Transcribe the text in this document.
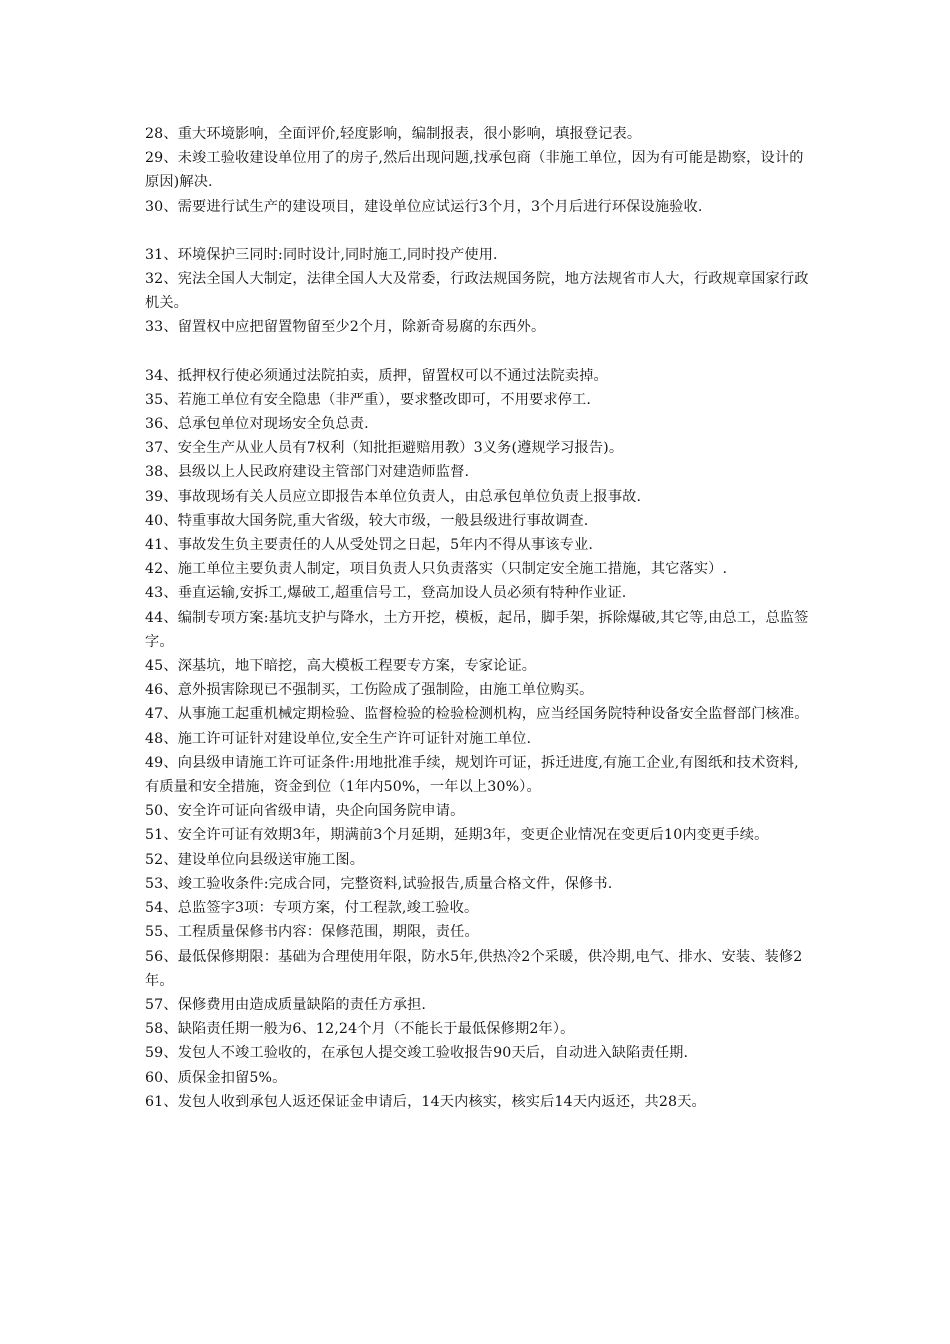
28、重大环境影响，全面评价,轻度影响，编制报表，很小影响，填报登记表。

29、未竣工验收建设单位用了的房子,然后出现问题,找承包商（非施工单位，因为有可能是勘察，设计的原因)解决.

30、需要进行试生产的建设项目，建设单位应试运行3个月，3个月后进行环保设施验收.

31、环境保护三同时:同时设计,同时施工,同时投产使用.

32、宪法全国人大制定，法律全国人大及常委，行政法规国务院，地方法规省市人大，行政规章国家行政机关。

33、留置权中应把留置物留至少2个月，除新奇易腐的东西外。

34、抵押权行使必须通过法院拍卖，质押，留置权可以不通过法院卖掉。

35、若施工单位有安全隐患（非严重），要求整改即可，不用要求停工.

36、总承包单位对现场安全负总责.

37、安全生产从业人员有7权利（知批拒避赔用教）3义务(遵规学习报告)。

38、县级以上人民政府建设主管部门对建造师监督.

39、事故现场有关人员应立即报告本单位负责人，由总承包单位负责上报事故.

40、特重事故大国务院,重大省级，较大市级，一般县级进行事故调查.

41、事故发生负主要责任的人从受处罚之日起，5年内不得从事该专业.

42、施工单位主要负责人制定，项目负责人只负责落实（只制定安全施工措施，其它落实）.

43、垂直运输,安拆工,爆破工,超重信号工，登高加设人员必须有特种作业证.

44、编制专项方案:基坑支护与降水，土方开挖，模板，起吊，脚手架，拆除爆破,其它等,由总工，总监签字。

45、深基坑，地下暗挖，高大模板工程要专方案，专家论证。

46、意外损害除现已不强制买，工伤险成了强制险，由施工单位购买。

47、从事施工起重机械定期检验、监督检验的检验检测机构，应当经国务院特种设备安全监督部门核准。

48、施工许可证针对建设单位,安全生产许可证针对施工单位.

49、向县级申请施工许可证条件:用地批准手续，规划许可证，拆迁进度,有施工企业,有图纸和技术资料,有质量和安全措施，资金到位（1年内50%，一年以上30%）。

50、安全许可证向省级申请，央企向国务院申请。

51、安全许可证有效期3年，期满前3个月延期，延期3年，变更企业情况在变更后10内变更手续。

52、建设单位向县级送审施工图。

53、竣工验收条件:完成合同，完整资料,试验报告,质量合格文件，保修书.

54、总监签字3项：专项方案，付工程款,竣工验收。

55、工程质量保修书内容：保修范围，期限，责任。

56、最低保修期限：基础为合理使用年限，防水5年,供热冷2个采暖，供冷期,电气、排水、安装、装修2年。

57、保修费用由造成质量缺陷的责任方承担.

58、缺陷责任期一般为6、12,24个月（不能长于最低保修期2年）。

59、发包人不竣工验收的，在承包人提交竣工验收报告90天后，自动进入缺陷责任期.

60、质保金扣留5%。

61、发包人收到承包人返还保证金申请后，14天内核实，核实后14天内返还，共28天。
